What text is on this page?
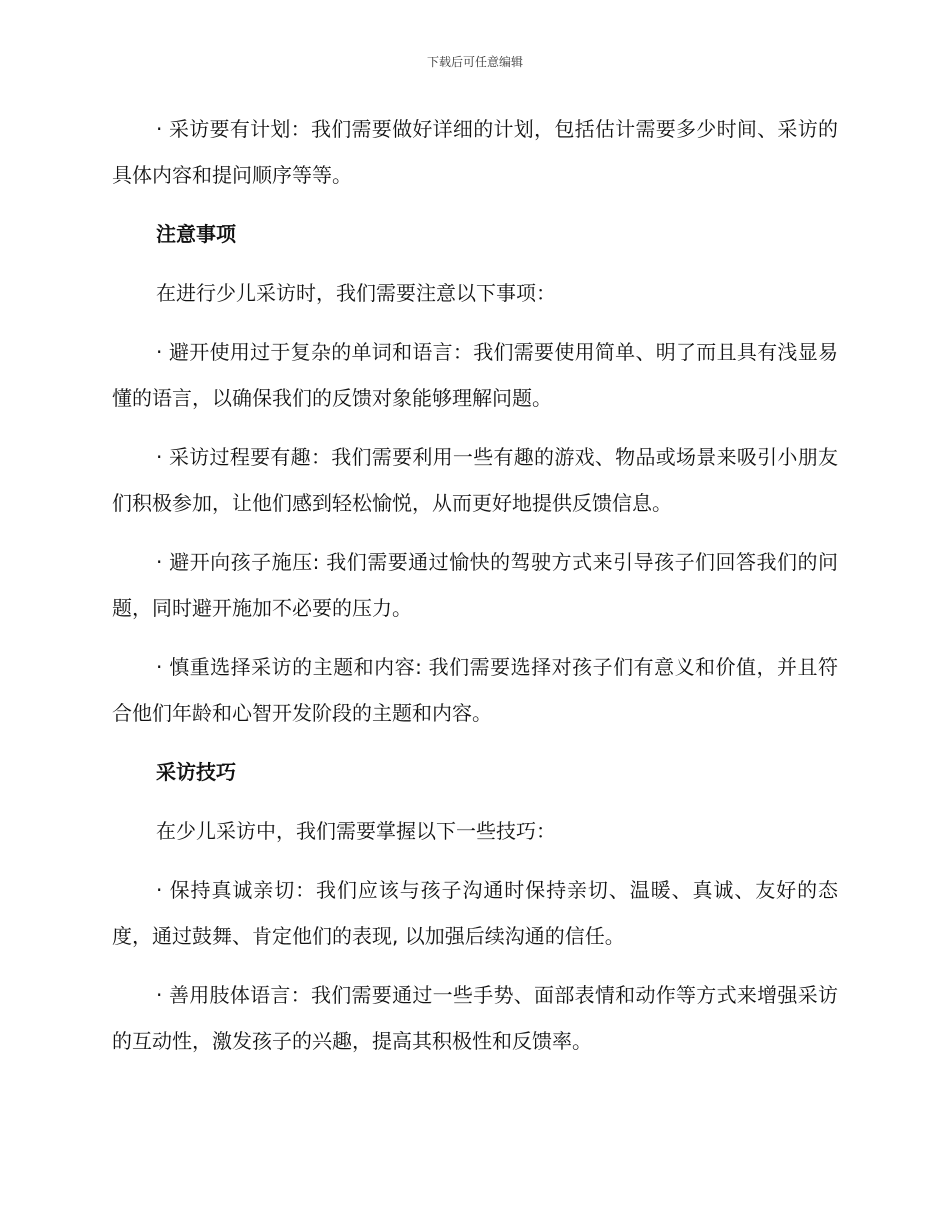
下载后可任意编辑

· 采访要有计划：我们需要做好详细的计划，包括估计需要多少时间、采访的具体内容和提问顺序等等。

注意事项

在进行少儿采访时，我们需要注意以下事项：

· 避开使用过于复杂的单词和语言：我们需要使用简单、明了而且具有浅显易懂的语言，以确保我们的反馈对象能够理解问题。

· 采访过程要有趣：我们需要利用一些有趣的游戏、物品或场景来吸引小朋友们积极参加，让他们感到轻松愉悦，从而更好地提供反馈信息。

· 避开向孩子施压: 我们需要通过愉快的驾驶方式来引导孩子们回答我们的问题，同时避开施加不必要的压力。

· 慎重选择采访的主题和内容: 我们需要选择对孩子们有意义和价值，并且符合他们年龄和心智开发阶段的主题和内容。

采访技巧

在少儿采访中，我们需要掌握以下一些技巧：

· 保持真诚亲切：我们应该与孩子沟通时保持亲切、温暖、真诚、友好的态度，通过鼓舞、肯定他们的表现, 以加强后续沟通的信任。

· 善用肢体语言：我们需要通过一些手势、面部表情和动作等方式来增强采访的互动性，激发孩子的兴趣，提高其积极性和反馈率。
